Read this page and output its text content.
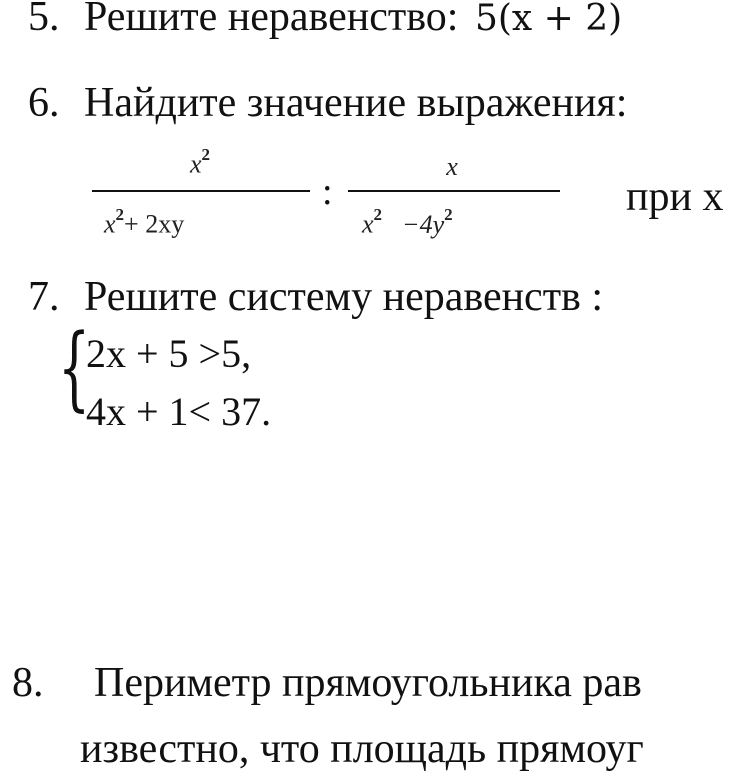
5. Решите неравенство: 5(x + 2)
6. Найдите значение выражения:
$x^2$
$x^2+ 2xy$
:
x
$x^2 -4y^2$	при x
7. Решите систему неравенств :
{
2x + 5 >5,
4x + 1< 37.
8. Периметр прямоугольника рав
известно, что площадь прямоуг
